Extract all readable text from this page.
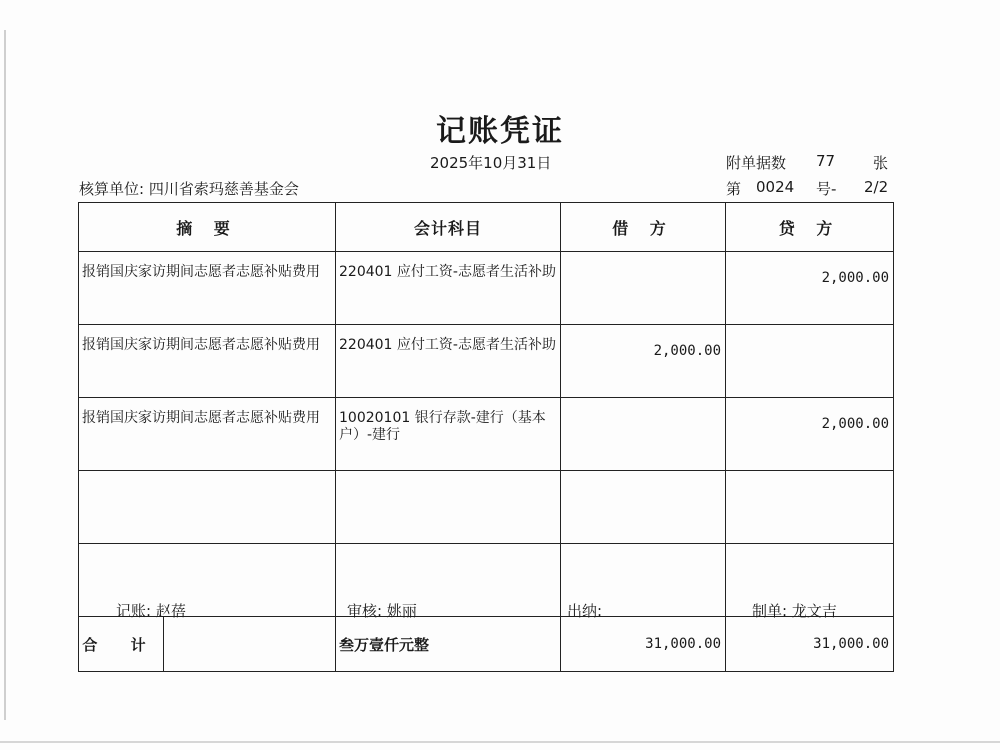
记账凭证
2025年10月31日	附单据数 77	张
核算单位: 四川省索玛慈善基金会	第 0024 号- 2/2
摘 要	会计科目	借 方	贷 方
报销国庆家访期间志愿者志愿补贴费用	220401 应付工资-志愿者生活补助		2,000.00
报销国庆家访期间志愿者志愿补贴费用	220401 应付工资-志愿者生活补助	2,000.00	
报销国庆家访期间志愿者志愿补贴费用	10020101 银行存款-建行（基本户）-建行		2,000.00

合 计	叁万壹仟元整	31,000.00	31,000.00
记账: 赵蓓	审核: 姚丽	出纳:	制单: 龙文吉
